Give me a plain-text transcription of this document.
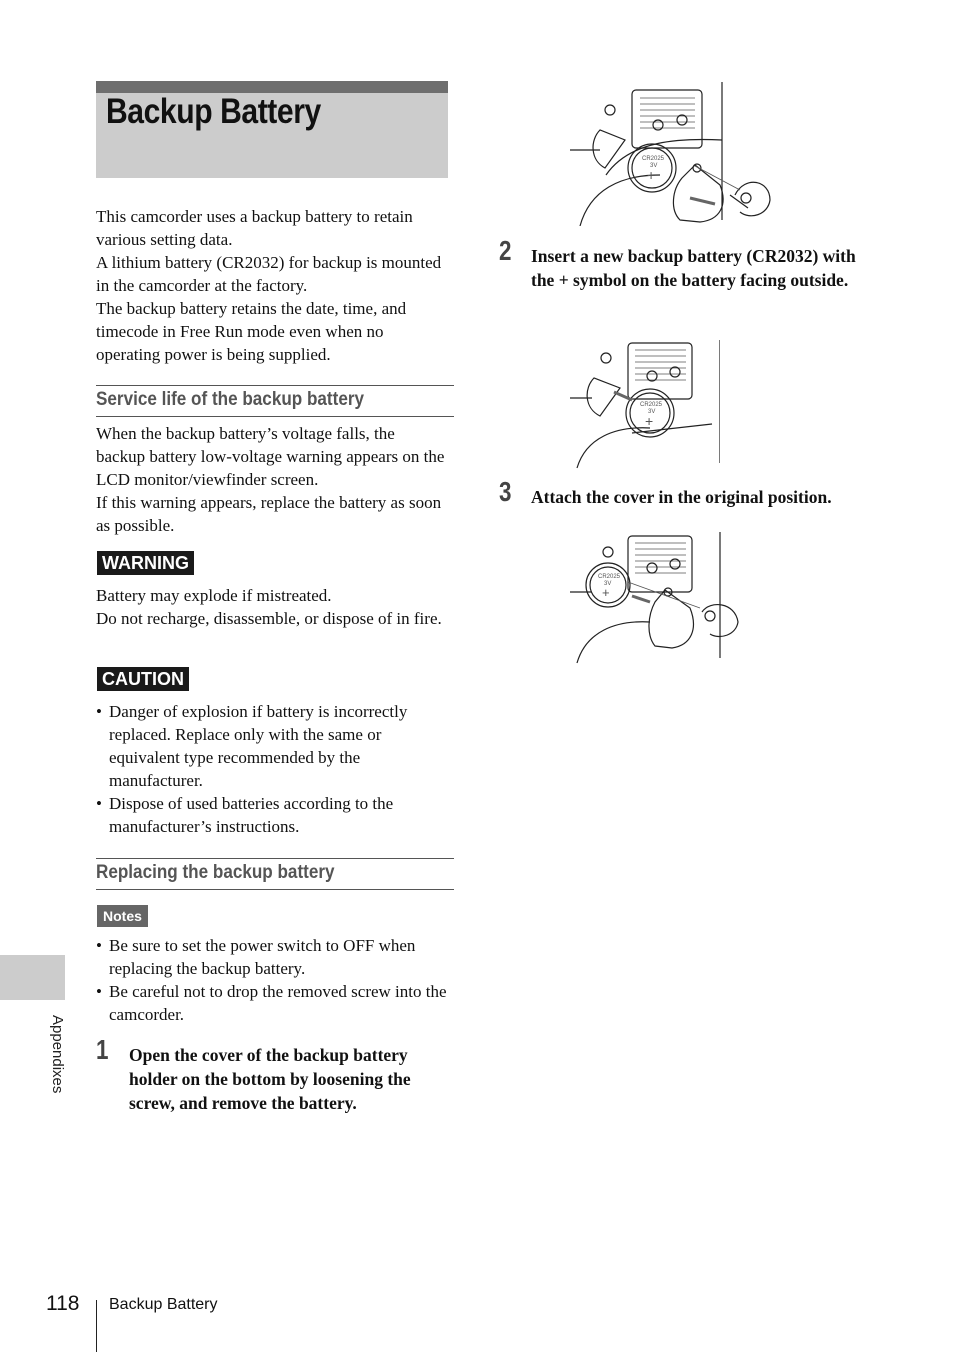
Backup Battery

This camcorder uses a backup battery to retain various setting data.

A lithium battery (CR2032) for backup is mounted in the camcorder at the factory.

The backup battery retains the date, time, and timecode in Free Run mode even when no operating power is being supplied.

Service life of the backup battery

When the backup battery’s voltage falls, the backup battery low-voltage warning appears on the LCD monitor/viewfinder screen.

If this warning appears, replace the battery as soon as possible.

WARNING

Battery may explode if mistreated.

Do not recharge, disassemble, or dispose of in fire.

CAUTION
• Danger of explosion if battery is incorrectly replaced. Replace only with the same or equivalent type recommended by the manufacturer.
• Dispose of used batteries according to the manufacturer’s instructions.
Replacing the backup battery
Notes
• Be sure to set the power switch to OFF when replacing the backup battery.
• Be careful not to drop the removed screw into the camcorder.
1 Open the cover of the backup battery holder on the bottom by loosening the screw, and remove the battery.
2 Insert a new backup battery (CR2032) with the + symbol on the battery facing outside.
3 Attach the cover in the original position.
CR2025
3V
+
CR2025
3V
+
CR2025
3V
+
Appendixes
118 Backup Battery
